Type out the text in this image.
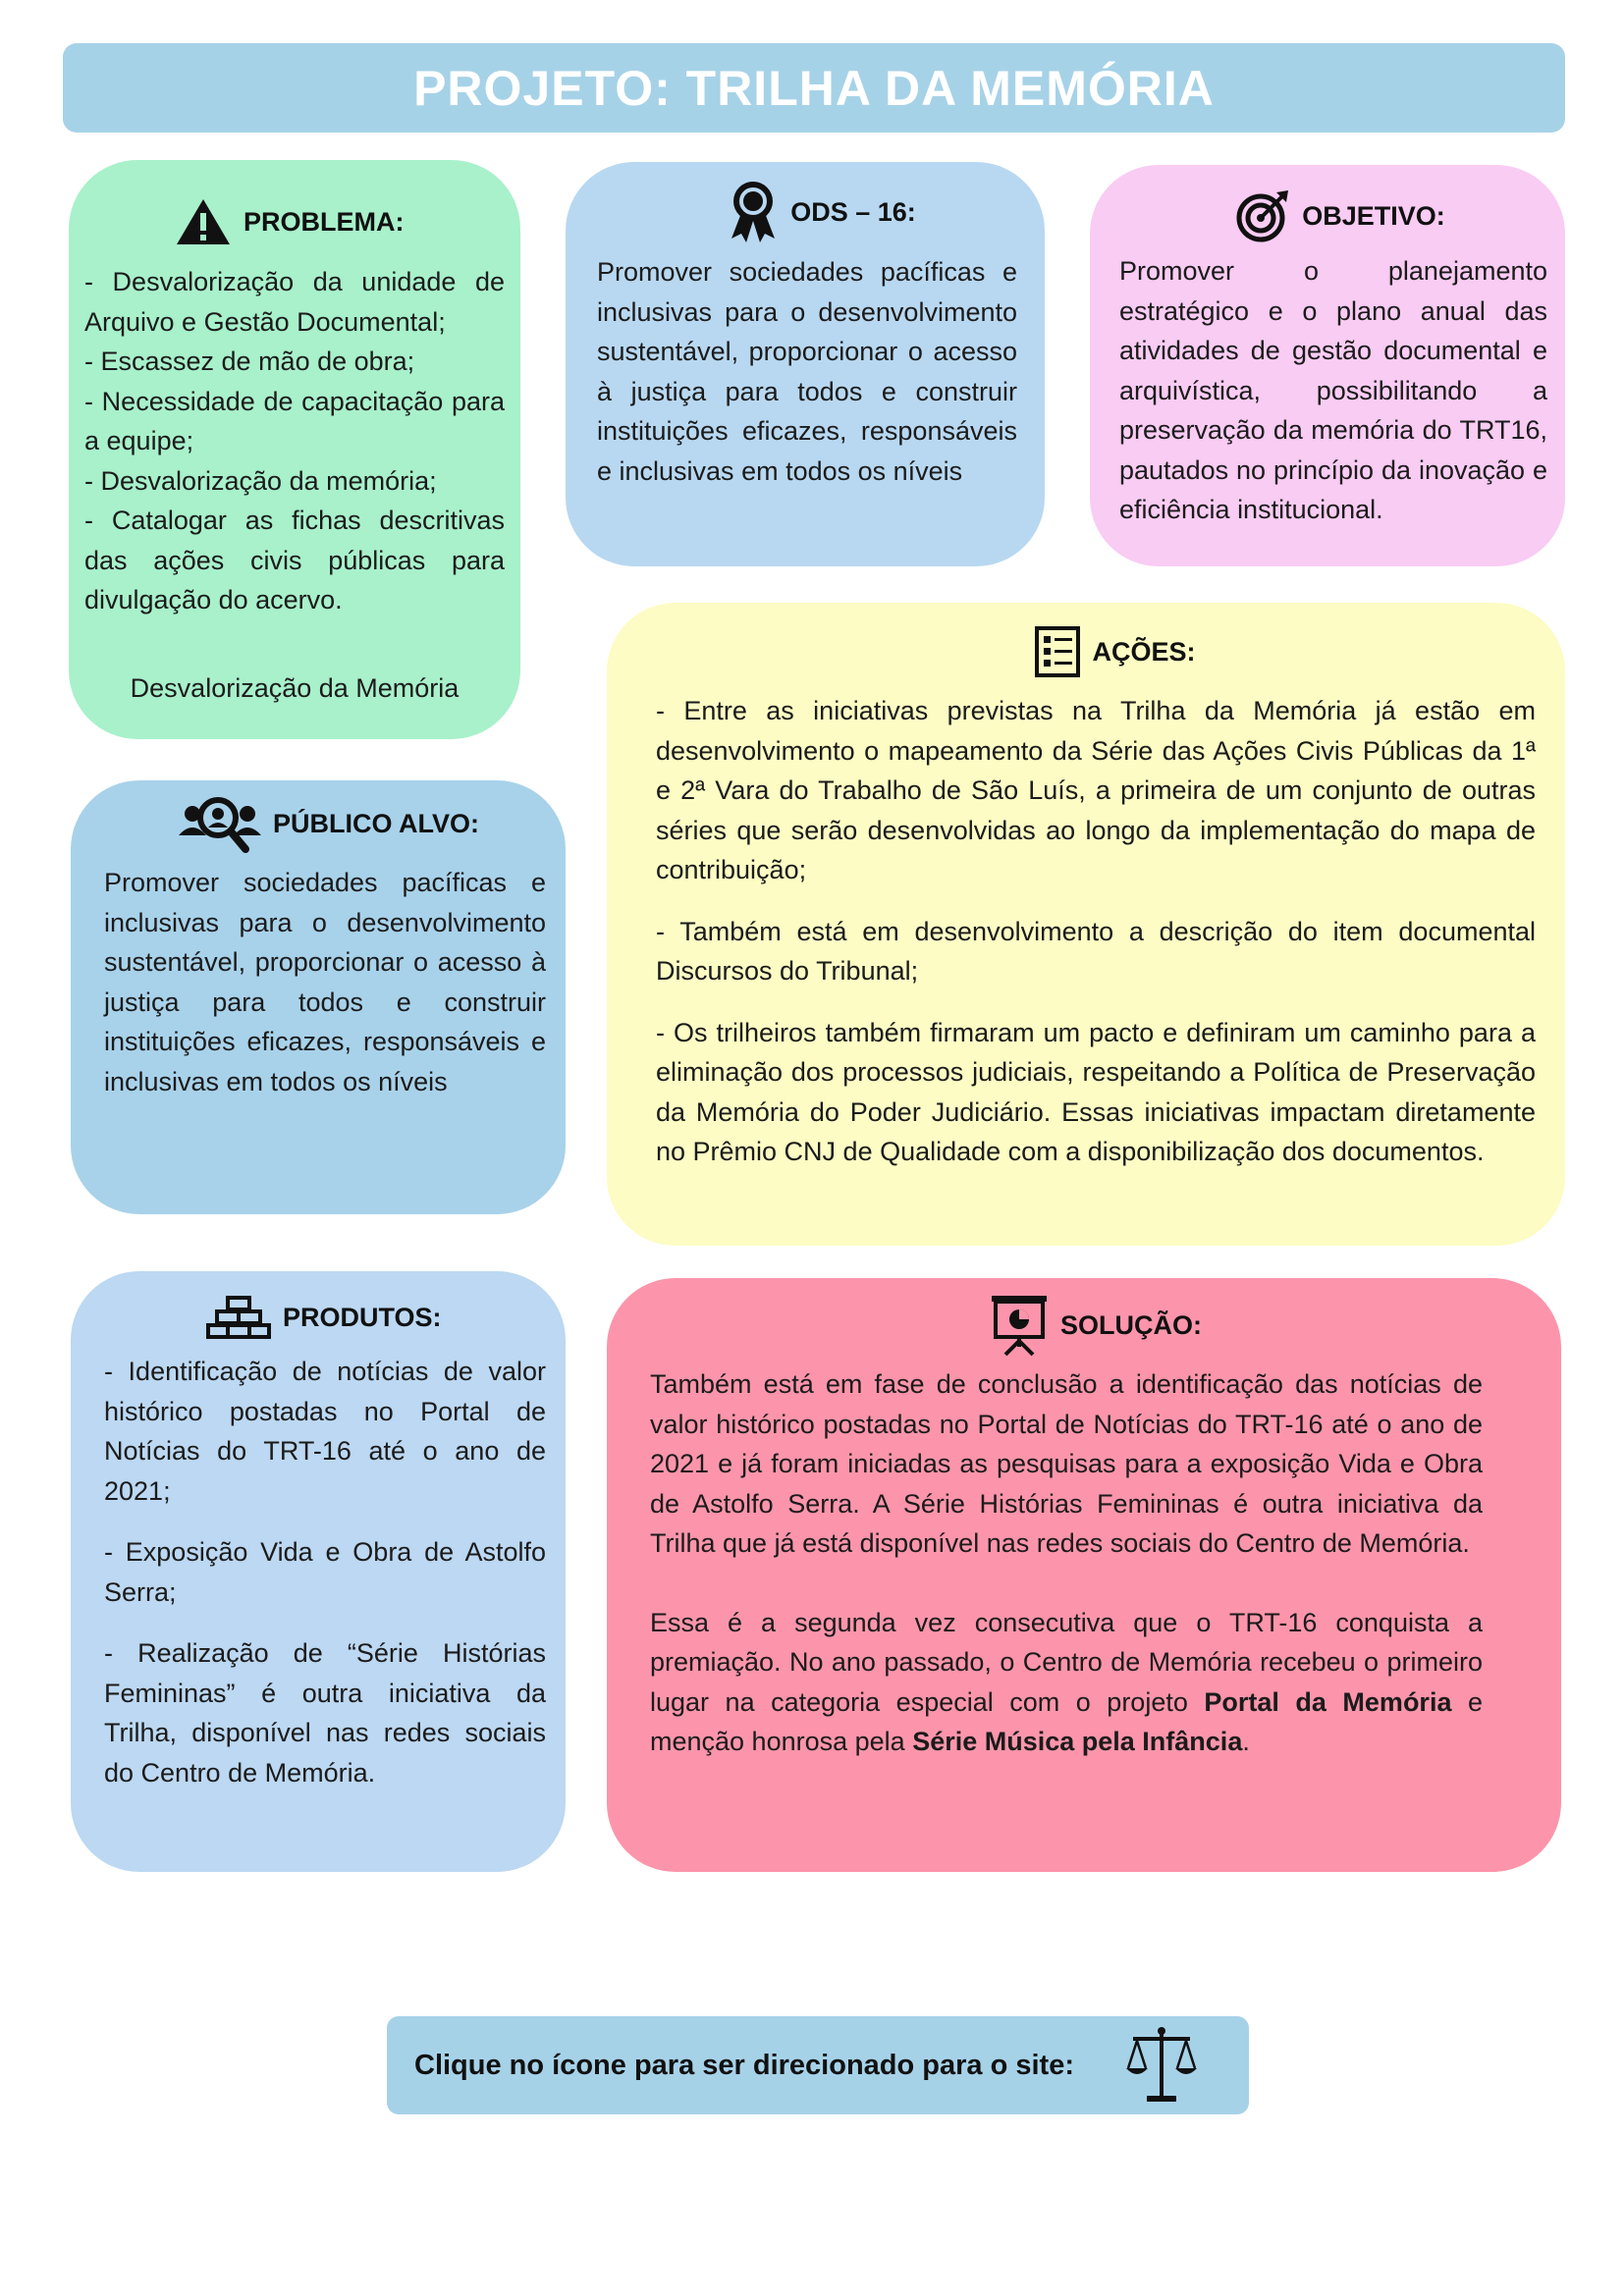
PROJETO: TRILHA DA MEMÓRIA
PROBLEMA:

- Desvalorização da unidade de Arquivo e Gestão Documental;

- Escassez de mão de obra;

- Necessidade de capacitação para a equipe;

- Desvalorização da memória;

- Catalogar as fichas descritivas das ações civis públicas para divulgação do acervo.

Desvalorização da Memória
ODS – 16:
Promover sociedades pacíficas e inclusivas para o desenvolvimento sustentável, proporcionar o acesso à justiça para todos e construir instituições eficazes, responsáveis e inclusivas em todos os níveis
OBJETIVO:
Promover o planejamento estratégico e o plano anual das atividades de gestão documental e arquivística, possibilitando a preservação da memória do TRT16, pautados no princípio da inovação e eficiência institucional.
AÇÕES:

- Entre as iniciativas previstas na Trilha da Memória já estão em desenvolvimento o mapeamento da Série das Ações Civis Públicas da 1ª e 2ª Vara do Trabalho de São Luís, a primeira de um conjunto de outras séries que serão desenvolvidas ao longo da implementação do mapa de contribuição;

- Também está em desenvolvimento a descrição do item documental Discursos do Tribunal;

- Os trilheiros também firmaram um pacto e definiram um caminho para a eliminação dos processos judiciais, respeitando a Política de Preservação da Memória do Poder Judiciário. Essas iniciativas impactam diretamente no Prêmio CNJ de Qualidade com a disponibilização dos documentos.

PÚBLICO ALVO:
Promover sociedades pacíficas e inclusivas para o desenvolvimento sustentável, proporcionar o acesso à justiça para todos e construir instituições eficazes, responsáveis e inclusivas em todos os níveis
PRODUTOS:

- Identificação de notícias de valor histórico postadas no Portal de Notícias do TRT-16 até o ano de 2021;

- Exposição Vida e Obra de Astolfo Serra;

- Realização de “Série Histórias Femininas” é outra iniciativa da Trilha, disponível nas redes sociais do Centro de Memória.

SOLUÇÃO:

Também está em fase de conclusão a identificação das notícias de valor histórico postadas no Portal de Notícias do TRT-16 até o ano de 2021 e já foram iniciadas as pesquisas para a exposição Vida e Obra de Astolfo Serra. A Série Histórias Femininas é outra iniciativa da Trilha que já está disponível nas redes sociais do Centro de Memória.

Essa é a segunda vez consecutiva que o TRT-16 conquista a premiação. No ano passado, o Centro de Memória recebeu o primeiro lugar na categoria especial com o projeto Portal da Memória e menção honrosa pela Série Música pela Infância.

Clique no ícone para ser direcionado para o site:
